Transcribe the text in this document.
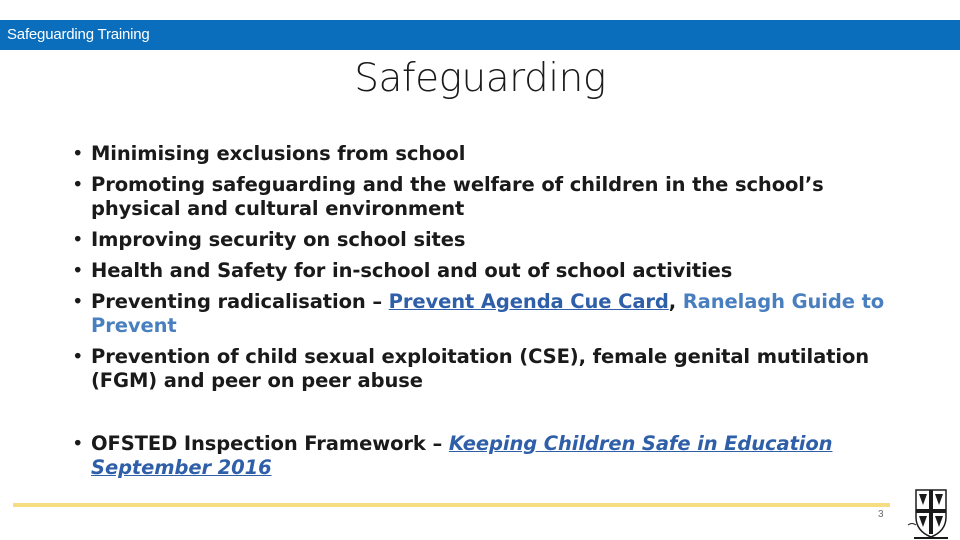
Safeguarding Training
Safeguarding
• Minimising exclusions from school
• Promoting safeguarding and the welfare of children in the school’s physical and cultural environment
• Improving security on school sites
• Health and Safety for in-school and out of school activities
• Preventing radicalisation – Prevent Agenda Cue Card, Ranelagh Guide to Prevent
• Prevention of child sexual exploitation (CSE), female genital mutilation (FGM) and peer on peer abuse
• OFSTED Inspection Framework – Keeping Children Safe in Education September 2016
3
